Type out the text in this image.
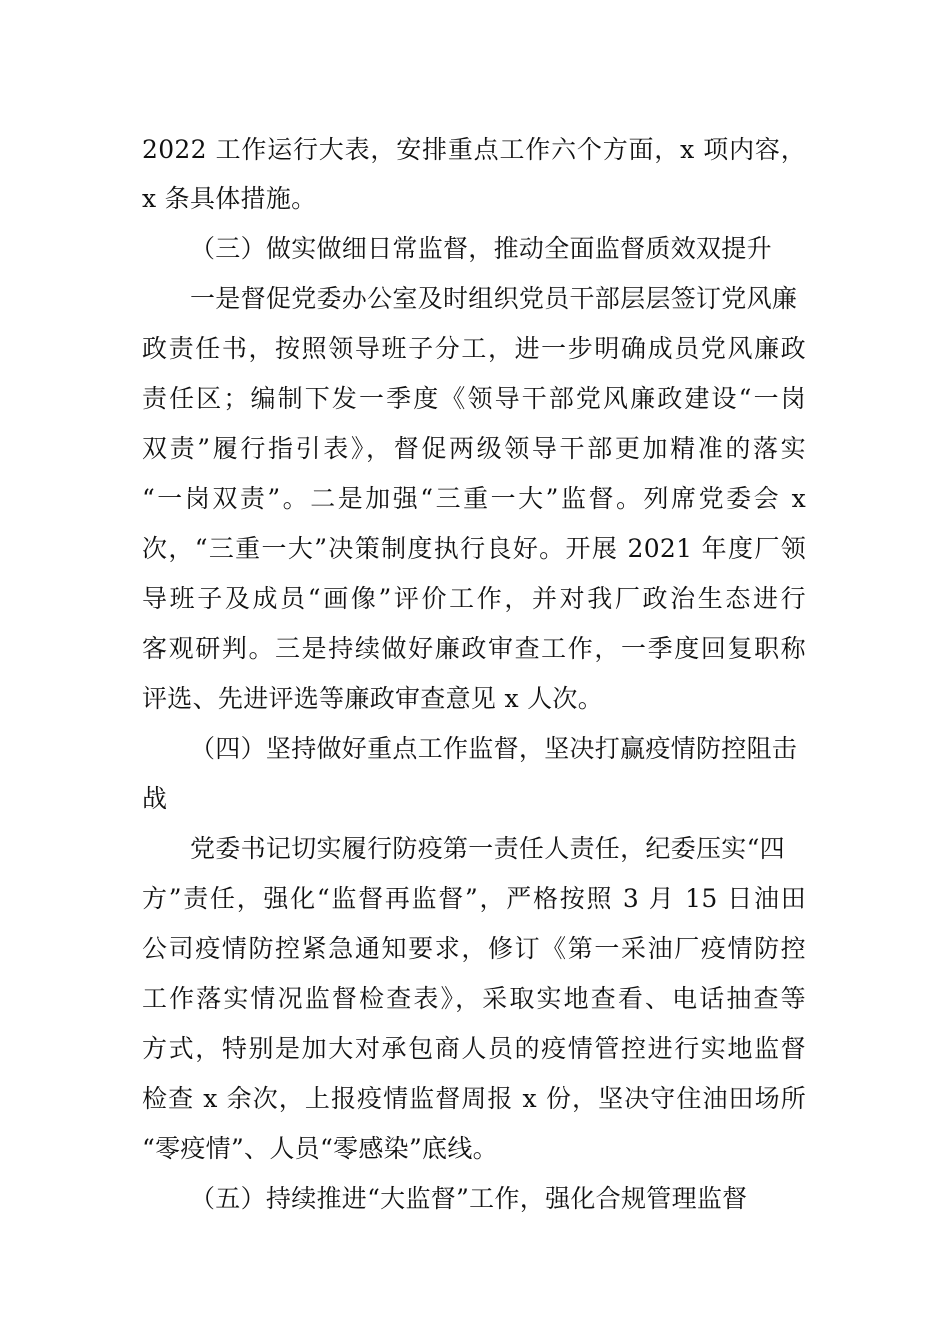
2022 工作运行大表，安排重点工作六个方面，x 项内容，
x 条具体措施。
（三）做实做细日常监督，推动全面监督质效双提升
一是督促党委办公室及时组织党员干部层层签订党风廉
政责任书，按照领导班子分工，进一步明确成员党风廉政
责任区；编制下发一季度《领导干部党风廉政建设“一岗
双责”履行指引表》，督促两级领导干部更加精准的落实
“一岗双责”。二是加强“三重一大”监督。列席党委会 x
次，“三重一大”决策制度执行良好。开展 2021 年度厂领
导班子及成员“画像”评价工作，并对我厂政治生态进行
客观研判。三是持续做好廉政审查工作，一季度回复职称
评选、先进评选等廉政审查意见 x 人次。
（四）坚持做好重点工作监督，坚决打赢疫情防控阻击
战
党委书记切实履行防疫第一责任人责任，纪委压实“四
方”责任，强化“监督再监督”，严格按照 3 月 15 日油田
公司疫情防控紧急通知要求，修订《第一采油厂疫情防控
工作落实情况监督检查表》，采取实地查看、电话抽查等
方式，特别是加大对承包商人员的疫情管控进行实地监督
检查 x 余次，上报疫情监督周报 x 份，坚决守住油田场所
“零疫情”、人员“零感染”底线。
（五）持续推进“大监督”工作，强化合规管理监督
